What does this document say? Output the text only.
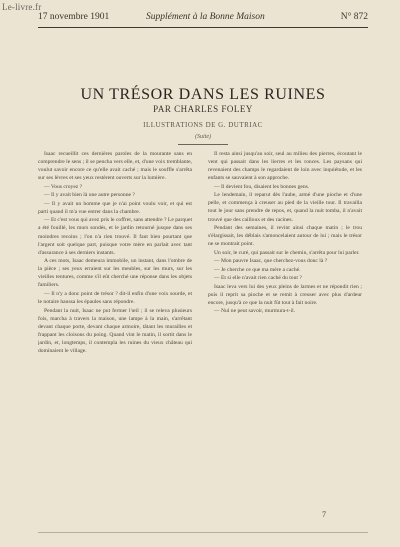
Le-livre.fr
17 novembre 1901	Supplément à la Bonne Maison	N° 872
UN TRÉSOR DANS LES RUINES
PAR CHARLES FOLEY
ILLUSTRATIONS DE G. DUTRIAC
(Suite)

Isaac recueillit ces dernières paroles de la mourante sans en comprendre le sens ; il se pencha vers elle, et, d'une voix tremblante, voulut savoir encore ce qu'elle avait caché ; mais le souffle s'arrêta sur ses lèvres et ses yeux restèrent ouverts sur la lumière.

— Vous croyez ?

— Il y avait bien là une autre personne ?

— Il y avait un homme que je n'ai point voulu voir, et qui est parti quand il m'a vue entrer dans la chambre.

— Et c'est vous qui avez pris le coffret, sans attendre ? Le parquet a été fouillé, les murs sondés, et le jardin retourné jusque dans ses moindres recoins ; l'on n'a rien trouvé. Il faut bien pourtant que l'argent soit quelque part, puisque votre mère en parlait avec tant d'assurance à ses derniers instants.

A ces mots, Isaac demeura immobile, un instant, dans l'ombre de la pièce ; ses yeux erraient sur les meubles, sur les murs, sur les vieilles tentures, comme s'il eût cherché une réponse dans les objets familiers.

— Il n'y a donc point de trésor ? dit-il enfin d'une voix sourde, et le notaire haussa les épaules sans répondre.

Pendant la nuit, Isaac ne put fermer l'œil ; il se releva plusieurs fois, marcha à travers la maison, une lampe à la main, s'arrêtant devant chaque porte, devant chaque armoire, tâtant les murailles et frappant les cloisons du poing. Quand vint le matin, il sortit dans le jardin, et, longtemps, il contempla les ruines du vieux château qui dominaient le village.

Il resta ainsi jusqu'au soir, seul au milieu des pierres, écoutant le vent qui passait dans les lierres et les ronces. Les paysans qui revenaient des champs le regardaient de loin avec inquiétude, et les enfants se sauvaient à son approche.

— Il devient fou, disaient les bonnes gens.

Le lendemain, il reparut dès l'aube, armé d'une pioche et d'une pelle, et commença à creuser au pied de la vieille tour. Il travailla tout le jour sans prendre de repos, et, quand la nuit tomba, il n'avait trouvé que des cailloux et des racines.

Pendant des semaines, il revint ainsi chaque matin ; le trou s'élargissait, les déblais s'amoncelaient autour de lui ; mais le trésor ne se montrait point.

Un soir, le curé, qui passait sur le chemin, s'arrêta pour lui parler.

— Mon pauvre Isaac, que cherchez-vous donc là ?

— Je cherche ce que ma mère a caché.

— Et si elle n'avait rien caché du tout ?

Isaac leva vers lui des yeux pleins de larmes et ne répondit rien ; puis il reprit sa pioche et se remit à creuser avec plus d'ardeur encore, jusqu'à ce que la nuit fût tout à fait noire.

— Nul ne peut savoir, murmura-t-il.

7
